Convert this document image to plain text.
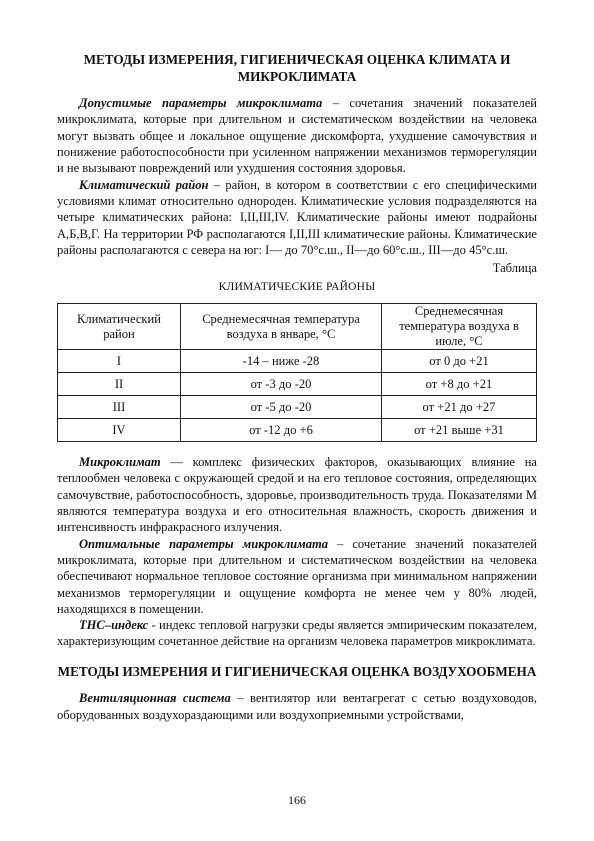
МЕТОДЫ ИЗМЕРЕНИЯ, ГИГИЕНИЧЕСКАЯ ОЦЕНКА КЛИМАТА И МИКРОКЛИМАТА

Допустимые параметры микроклимата – сочетания значений показателей микроклимата, которые при длительном и систематическом воздействии на человека могут вызвать общее и локальное ощущение дискомфорта, ухудшение самочувствия и понижение работоспособности при усиленном напряжении механизмов терморегуляции и не вызывают повреждений или ухудшения состояния здоровья.

Климатический район – район, в котором в соответствии с его специфическими условиями климат относительно однороден. Климатические условия подразделяются на четыре климатических района: I,II,III,IV. Климатические районы имеют подрайоны А,Б,В,Г. На территории РФ располагаются I,II,III климатические районы. Климатические районы располагаются с севера на юг: I— до 70°с.ш., II—до 60°с.ш., III—до 45°с.ш.

Таблица
КЛИМАТИЧЕСКИЕ РАЙОНЫ
Климатический район	Среднемесячная температура воздуха в январе, °С	Среднемесячная температура воздуха в июле, °С
I	-14 – ниже -28	от 0 до +21
II	от -3 до -20	от +8 до +21
III	от -5 до -20	от +21 до +27
IV	от -12 до +6	от +21 выше +31

Микроклимат — комплекс физических факторов, оказывающих влияние на теплообмен человека с окружающей средой и на его тепловое состояния, определяющих самочувствие, работоспособность, здоровье, производительность труда. Показателями М являются температура воздуха и его относительная влажность, скорость движения и интенсивность инфракрасного излучения.

Оптимальные параметры микроклимата – сочетание значений показателей микроклимата, которые при длительном и систематическом воздействии на человека обеспечивают нормальное тепловое состояние организма при минимальном напряжении механизмов терморегуляции и ощущение комфорта не менее чем у 80% людей, находящихся в помещении.

ТНС–индекс - индекс тепловой нагрузки среды является эмпирическим показателем, характеризующим сочетанное действие на организм человека параметров микроклимата.

МЕТОДЫ ИЗМЕРЕНИЯ И ГИГИЕНИЧЕСКАЯ ОЦЕНКА ВОЗДУХООБМЕНА

Вентиляционная система – вентилятор или вентагрегат с сетью воздуховодов, оборудованных воздухораздающими или воздухоприемными устройствами,

166
